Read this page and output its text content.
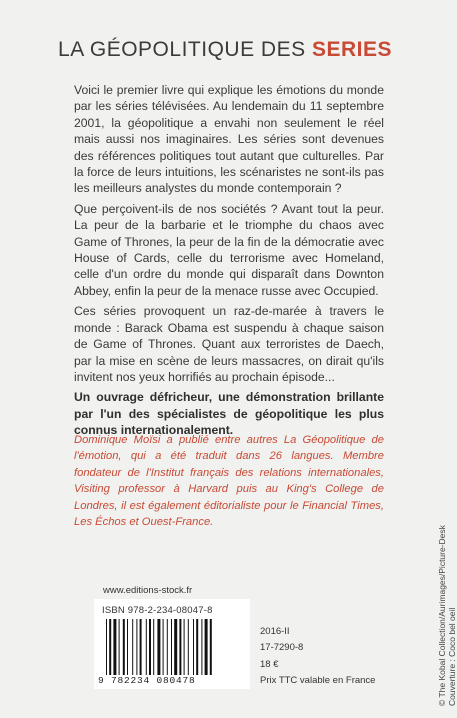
LA GÉOPOLITIQUE DES SERIES

Voici le premier livre qui explique les émotions du monde par les séries télévisées. Au lendemain du 11 septembre 2001, la géopolitique a envahi non seulement le réel mais aussi nos imaginaires. Les séries sont devenues des références politiques tout autant que culturelles. Par la force de leurs intuitions, les scénaristes ne sont-ils pas les meilleurs analystes du monde contemporain ?

Que perçoivent-ils de nos sociétés ? Avant tout la peur. La peur de la barbarie et le triomphe du chaos avec Game of Thrones, la peur de la fin de la démocratie avec House of Cards, celle du terrorisme avec Homeland, celle d'un ordre du monde qui disparaît dans Downton Abbey, enfin la peur de la menace russe avec Occupied.

Ces séries provoquent un raz-de-marée à travers le monde : Barack Obama est suspendu à chaque saison de Game of Thrones. Quant aux terroristes de Daech, par la mise en scène de leurs massacres, on dirait qu'ils invitent nos yeux horrifiés au prochain épisode...

Un ouvrage défricheur, une démonstration brillante par l'un des spécialistes de géopolitique les plus connus internationalement.

Dominique Moïsi a publié entre autres La Géopolitique de l'émotion, qui a été traduit dans 26 langues. Membre fondateur de l'Institut français des relations internationales, Visiting professor à Harvard puis au King's College de Londres, il est également éditorialiste pour le Financial Times, Les Échos et Ouest-France.
© The Kobal Collection/Aurimages/Picture-Desk Couverture : Coco bel oeil
www.editions-stock.fr
ISBN 978-2-234-08047-8
9 782234 080478
2016-II
17-7290-8
18 €
Prix TTC valable en France
